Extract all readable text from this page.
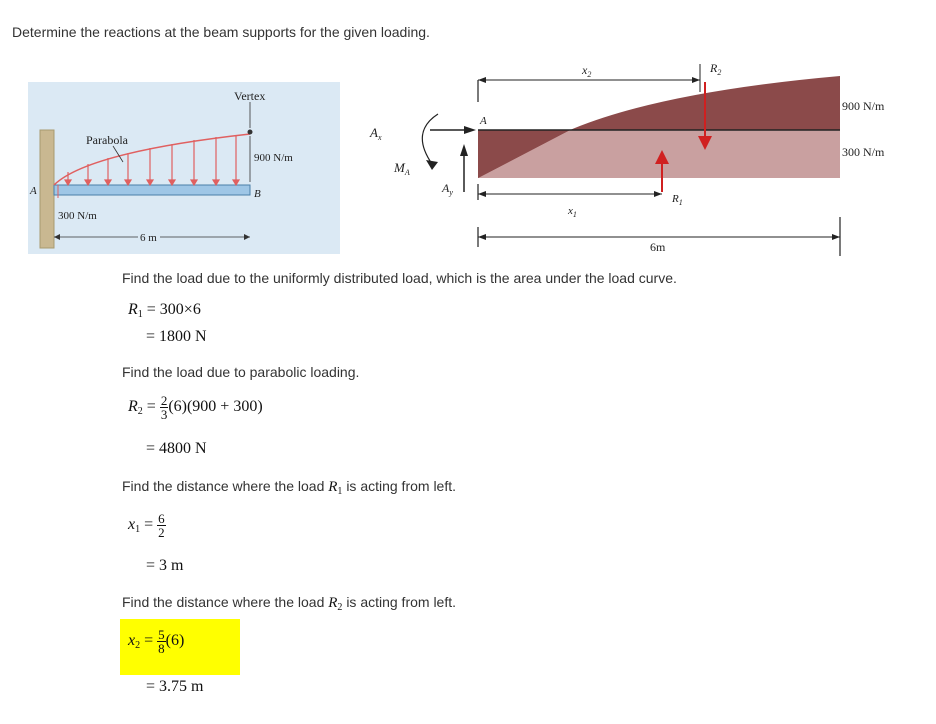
Determine the reactions at the beam supports for the given loading.
Vertex
Parabola
900 N/m
300 N/m
A	B
6 m
$x_2$	$R_2$
A
$A_x$
$M_A$
$A_y$
$x_1$
$R_1$
6m
900 N/m
300 N/m
Find the load due to the uniformly distributed load, which is the area under the load curve.
$R_1 = 300\times 6$
= 1800 N
Find the load due to parabolic loading.
$R_2 = \frac{2}{3} (6)(900 + 300)$
= 4800 N
Find the distance where the load $R_1$ is acting from left.
$x_1 = \frac{6}{2}$
= 3 m
Find the distance where the load $R_2$ is acting from left.
$x_2 = \frac{5}{8} (6)$
= 3.75 m
